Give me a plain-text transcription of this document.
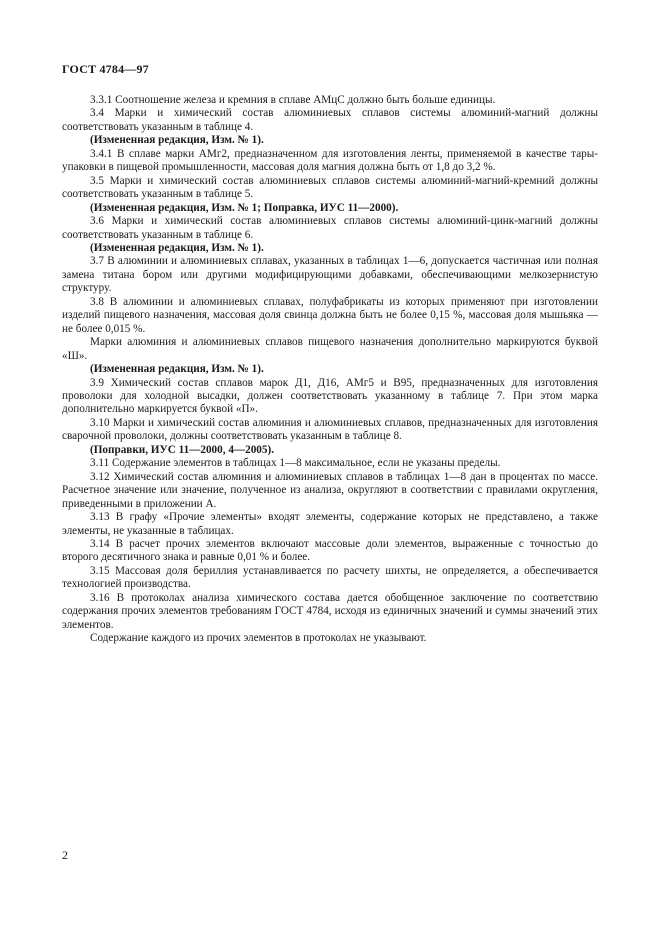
ГОСТ 4784—97

3.3.1 Соотношение железа и кремния в сплаве АМцС должно быть больше единицы.

3.4 Марки и химический состав алюминиевых сплавов системы алюминий-магний должны соответствовать указанным в таблице 4.

(Измененная редакция, Изм. № 1).

3.4.1 В сплаве марки АМг2, предназначенном для изготовления ленты, применяемой в качестве тары-упаковки в пищевой промышленности, массовая доля магния должна быть от 1,8 до 3,2 %.

3.5 Марки и химический состав алюминиевых сплавов системы алюминий-магний-кремний должны соответствовать указанным в таблице 5.

(Измененная редакция, Изм. № 1; Поправка, ИУС 11—2000).

3.6 Марки и химический состав алюминиевых сплавов системы алюминий-цинк-магний должны соответствовать указанным в таблице 6.

(Измененная редакция, Изм. № 1).

3.7 В алюминии и алюминиевых сплавах, указанных в таблицах 1—6, допускается частичная или полная замена титана бором или другими модифицирующими добавками, обеспечивающими мелкозернистую структуру.

3.8 В алюминии и алюминиевых сплавах, полуфабрикаты из которых применяют при изготовлении изделий пищевого назначения, массовая доля свинца должна быть не более 0,15 %, массовая доля мышьяка — не более 0,015 %.

Марки алюминия и алюминиевых сплавов пищевого назначения дополнительно маркируются буквой «Ш».

(Измененная редакция, Изм. № 1).

3.9 Химический состав сплавов марок Д1, Д16, АМг5 и В95, предназначенных для изготовления проволоки для холодной высадки, должен соответствовать указанному в таблице 7. При этом марка дополнительно маркируется буквой «П».

3.10 Марки и химический состав алюминия и алюминиевых сплавов, предназначенных для изготовления сварочной проволоки, должны соответствовать указанным в таблице 8.

(Поправки, ИУС 11—2000, 4—2005).

3.11 Содержание элементов в таблицах 1—8 максимальное, если не указаны пределы.

3.12 Химический состав алюминия и алюминиевых сплавов в таблицах 1—8 дан в процентах по массе. Расчетное значение или значение, полученное из анализа, округляют в соответствии с правилами округления, приведенными в приложении А.

3.13 В графу «Прочие элементы» входят элементы, содержание которых не представлено, а также элементы, не указанные в таблицах.

3.14 В расчет прочих элементов включают массовые доли элементов, выраженные с точностью до второго десятичного знака и равные 0,01 % и более.

3.15 Массовая доля бериллия устанавливается по расчету шихты, не определяется, а обеспечивается технологией производства.

3.16 В протоколах анализа химического состава дается обобщенное заключение по соответствию содержания прочих элементов требованиям ГОСТ 4784, исходя из единичных значений и суммы значений этих элементов.

Содержание каждого из прочих элементов в протоколах не указывают.

2
